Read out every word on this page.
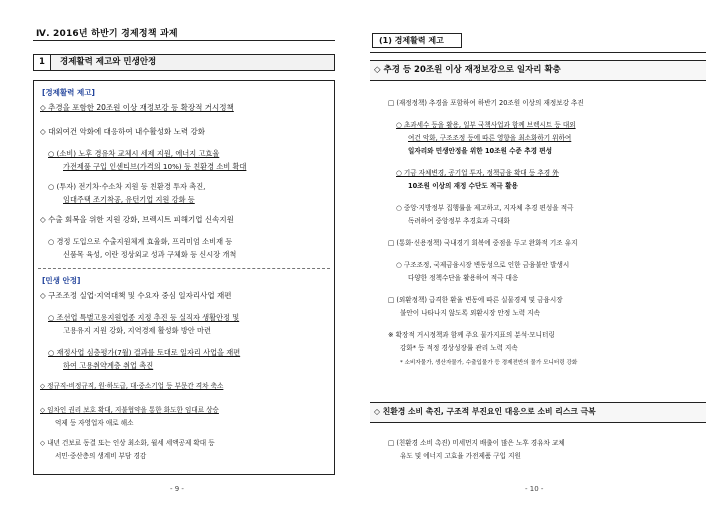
Ⅳ. 2016년 하반기 경제정책 과제
1	경제활력 제고와 민생안정
[경제활력 제고]
◇ 추경을 포함한 20조원 이상 재정보강 등 확장적 거시정책
◇ 대외여건 악화에 대응하여 내수활성화 노력 강화
○ (소비) 노후 경유차 교체시 세제 지원, 에너지 고효율
가전제품 구입 인센티브(가격의 10%) 등 친환경 소비 확대
○ (투자) 전기차·수소차 지원 등 친환경 투자 촉진,
임대주택 조기착공, 유턴기업 지원 강화 등
◇ 수출 회복을 위한 지원 강화, 브렉시트 피해기업 신속지원
○ 경정 도입으로 수출지원체계 효율화, 프리미엄 소비재 등
신품목 육성, 이란 정상외교 성과 구체화 등 신시장 개척
[민생 안정]
◇ 구조조정 실업·지역대책 및 수요자 중심 일자리사업 재편
○ 조선업 특별고용지원업종 지정 추진 등 실직자 생활안정 및
고용유지 지원 강화, 지역경제 활성화 방안 마련
○ 재정사업 심층평가(7월) 결과를 토대로 일자리 사업을 재편
하여 고용취약계층 취업 촉진
◇ 정규직-비정규직, 원·하도급, 대·중소기업 등 부문간 격차 축소
◇ 임차인 권리 보호 확대, 지불협약을 통한 화도한 임대료 상승
억제 등 자영업자 애로 해소
◇ 내년 건보료 동결 또는 인상 최소화, 월세 세액공제 확대 등
서민·중산층의 생계비 부담 경감
- 9 -
(1) 경제활력 제고
◇ 추경 등 20조원 이상 재정보강으로 일자리 확충
□ (재정정책) 추경을 포함하여 하반기 20조원 이상의 재정보강 추진
○ 초과세수 등을 활용, 일부 국책사업과 함께 브렉시트 등 대외
여건 악화, 구조조정 등에 따른 영향을 최소화하기 위하여
일자리와 민생안정을 위한 10조원 수준 추경 편성
○ 기금 자체변경, 공기업 투자, 정책금융 확대 등 추경 外
10조원 이상의 재정 수단도 적극 활용
○ 중앙·지방정부 집행률을 제고하고, 지자체 추경 편성을 적극
독려하여 중앙정부 추경효과 극대화
□ (통화·신용정책) 국내경기 회복에 중점을 두고 완화적 기조 유지
○ 구조조정, 국제금융시장 변동성으로 인한 금융불안 발생시
다양한 정책수단을 활용하여 적극 대응
□ (외환정책) 급격한 환율 변동에 따른 실물경제 및 금융시장
불안이 나타나지 않도록 외환시장 안정 노력 지속
※ 확장적 거시정책과 함께 주요 물가지표의 분석·모니터링
강화* 등 적정 경상성장률 관리 노력 지속
* 소비자물가, 생산자물가, 수출입물가 등 경제전반의 물가 모니터링 강화
◇ 친환경 소비 촉진, 구조적 부진요인 대응으로 소비 리스크 극복
□ (친환경 소비 촉진) 미세먼지 배출이 많은 노후 경유차 교체
유도 및 에너지 고효율 가전제품 구입 지원
- 10 -
